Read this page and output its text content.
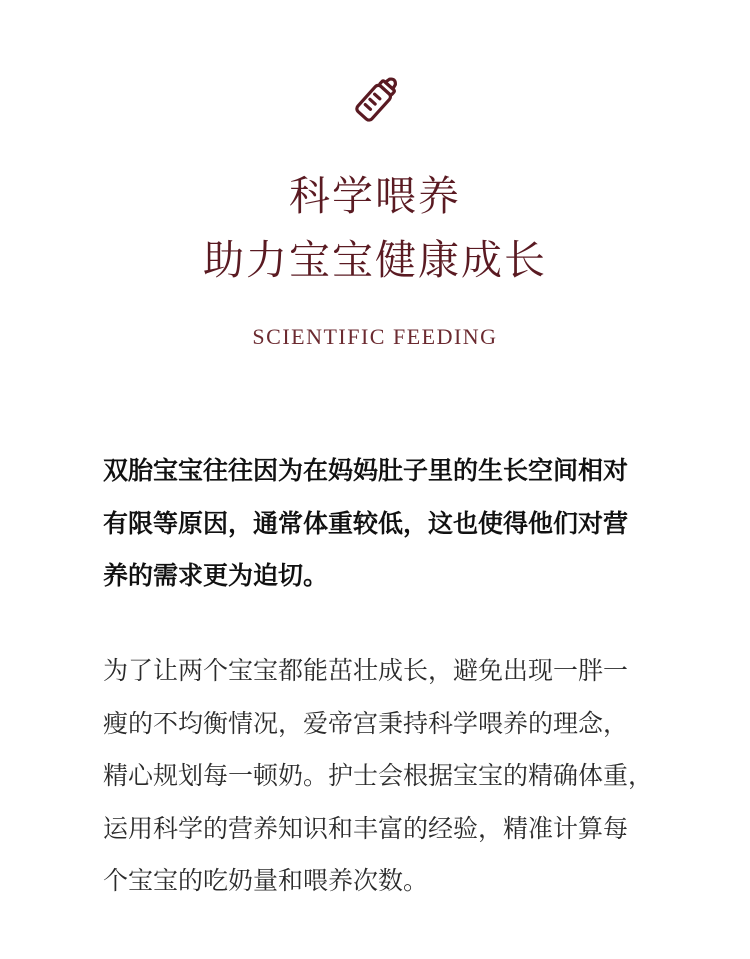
科学喂养
助力宝宝健康成长
SCIENTIFIC FEEDING

双胎宝宝往往因为在妈妈肚子里的生长空间相对
有限等原因，通常体重较低，这也使得他们对营
养的需求更为迫切。

为了让两个宝宝都能茁壮成长，避免出现一胖一
瘦的不均衡情况，爱帝宫秉持科学喂养的理念，
精心规划每一顿奶。护士会根据宝宝的精确体重，
运用科学的营养知识和丰富的经验，精准计算每
个宝宝的吃奶量和喂养次数。
